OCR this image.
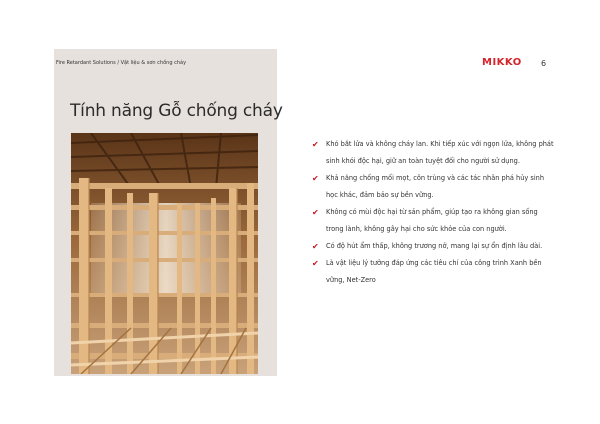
Fire Retardant Solutions / Vật liệu & sơn chống cháy
Tính năng Gỗ chống cháy
MIKKO 6
✔ Khó bắt lửa và không cháy lan. Khi tiếp xúc với ngọn lửa, không phát sinh khói độc hại, giữ an toàn tuyệt đối cho người sử dụng.
✔ Khả năng chống mối mọt, côn trùng và các tác nhân phá hủy sinh học khác, đảm bảo sự bền vững.
✔ Không có mùi độc hại từ sản phẩm, giúp tạo ra không gian sống trong lành, không gây hại cho sức khỏe của con người.
✔ Có độ hút ẩm thấp, không trương nở, mang lại sự ổn định lâu dài.
✔ Là vật liệu lý tưởng đáp ứng các tiêu chí của công trình Xanh bền vững, Net-Zero
